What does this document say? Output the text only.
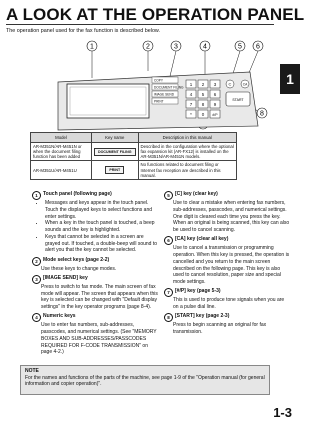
A LOOK AT THE OPERATION PANEL
The operation panel used for the fax function is described below.
1
1	2	3	4	5 6
8
COPY
DOCUMENT FILING
IMAGE SEND
PRINT
1 2 3
4 5 6
7 8 9
* 0 #/P
C	CA
START
Model	Key name	Description in this manual
AR-M351N/AR-M451N or when the document filing function has been added	DOCUMENT FILING	Described in the configuration where the optional fax expansion kit (AR-FX12) is installed on the AR-M351N/AR-M451N models.
AR-M351U/AR-M451U	PRINT	No functions related to document filing or Internet fax reception are described in this manual.
1	Touch panel (following page)
• Messages and keys appear in the touch panel. Touch the displayed keys to select functions and enter settings.
• When a key in the touch panel is touched, a beep sounds and the key is highlighted.
• Keys that cannot be selected in a screen are grayed out. If touched, a double-beep will sound to alert you that the key cannot be selected.
2	Mode select keys (page 2-2)
Use these keys to change modes.
3	[IMAGE SEND] key
Press to switch to fax mode. The main screen of fax mode will appear. The screen that appears when this key is selected can be changed with "Default display settings" in the key operator programs (page 8-4).
4	Numeric keys
Use to enter fax numbers, sub-addresses, passcodes, and numerical settings. (See "MEMORY BOXES AND SUB-ADDRESSES/PASSCODES REQUIRED FOR F-CODE TRANSMISSION" on page 4-2.)
5	[C] key (clear key)
Use to clear a mistake when entering fax numbers, sub-addresses, passcodes, and numerical settings. One digit is cleared each time you press the key. When an original is being scanned, this key can also be used to cancel scanning.
6	[CA] key (clear all key)
Use to cancel a transmission or programming operation. When this key is pressed, the operation is cancelled and you return to the main screen described on the following page. This key is also used to cancel resolution, paper size and special mode settings.
7	[#/P] key (page 5-3)
This is used to produce tone signals when you are on a pulse dial line.
8	[START] key (page 2-3)
Press to begin scanning an original for fax transmission.
NOTE
For the names and functions of the parts of the machine, see page 1-9 of the "Operation manual (for general information and copier operation)".
1-3
